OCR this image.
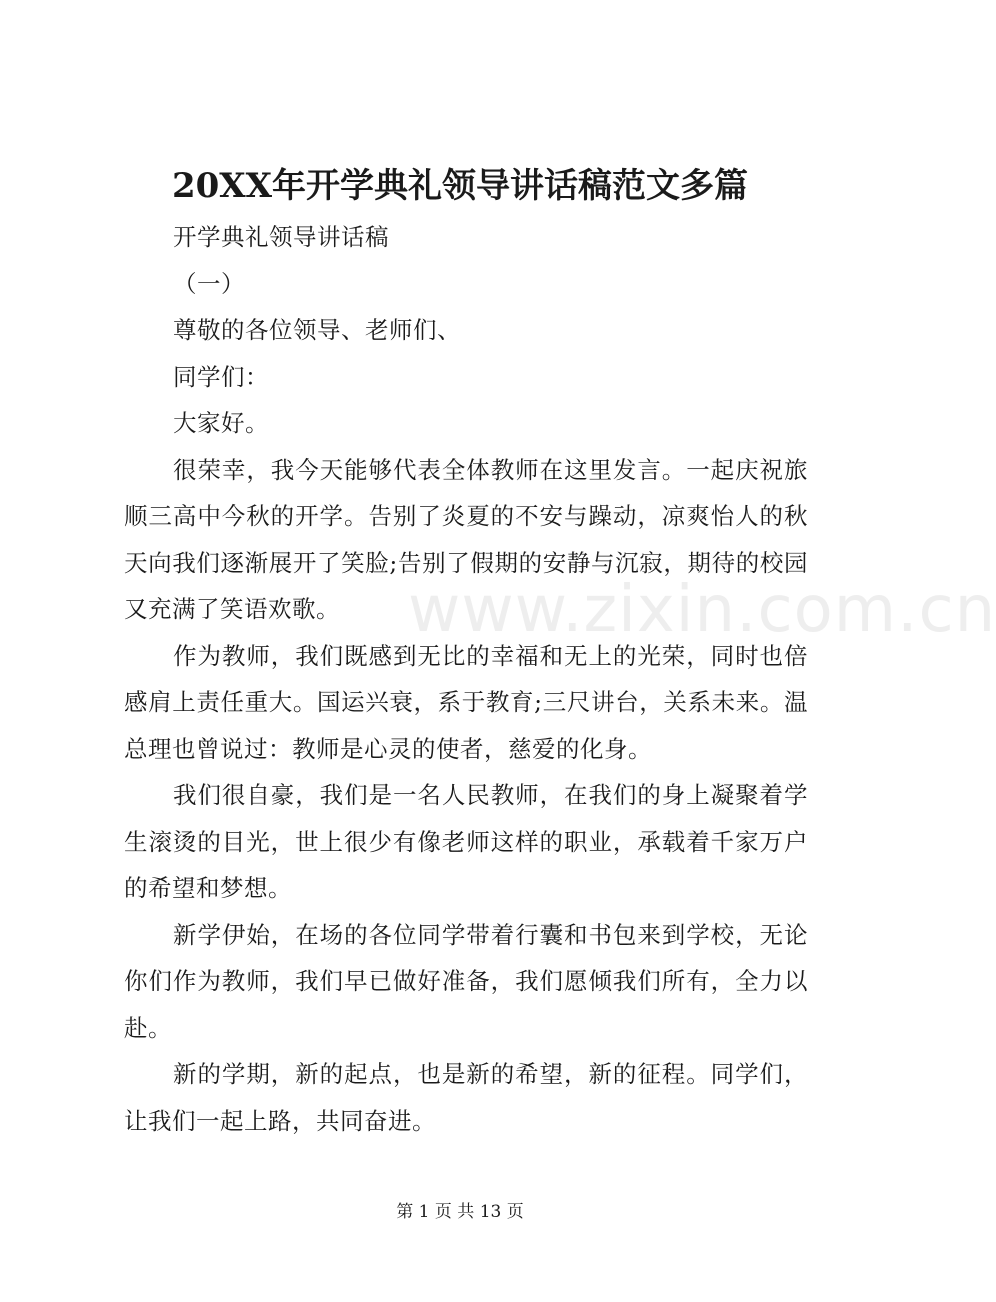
20XX年开学典礼领导讲话稿范文多篇

开学典礼领导讲话稿

（一）

尊敬的各位领导、老师们、

同学们：

大家好。

很荣幸，我今天能够代表全体教师在这里发言。一起庆祝旅顺三高中今秋的开学。告别了炎夏的不安与躁动，凉爽怡人的秋天向我们逐渐展开了笑脸;告别了假期的安静与沉寂，期待的校园又充满了笑语欢歌。

作为教师，我们既感到无比的幸福和无上的光荣，同时也倍感肩上责任重大。国运兴衰，系于教育;三尺讲台，关系未来。温总理也曾说过：教师是心灵的使者，慈爱的化身。

我们很自豪，我们是一名人民教师，在我们的身上凝聚着学生滚烫的目光，世上很少有像老师这样的职业，承载着千家万户的希望和梦想。

新学伊始，在场的各位同学带着行囊和书包来到学校，无论你们作为教师，我们早已做好准备，我们愿倾我们所有，全力以赴。

新的学期，新的起点，也是新的希望，新的征程。同学们，让我们一起上路，共同奋进。

www.zixin.com.cn
第 1 页 共 13 页
